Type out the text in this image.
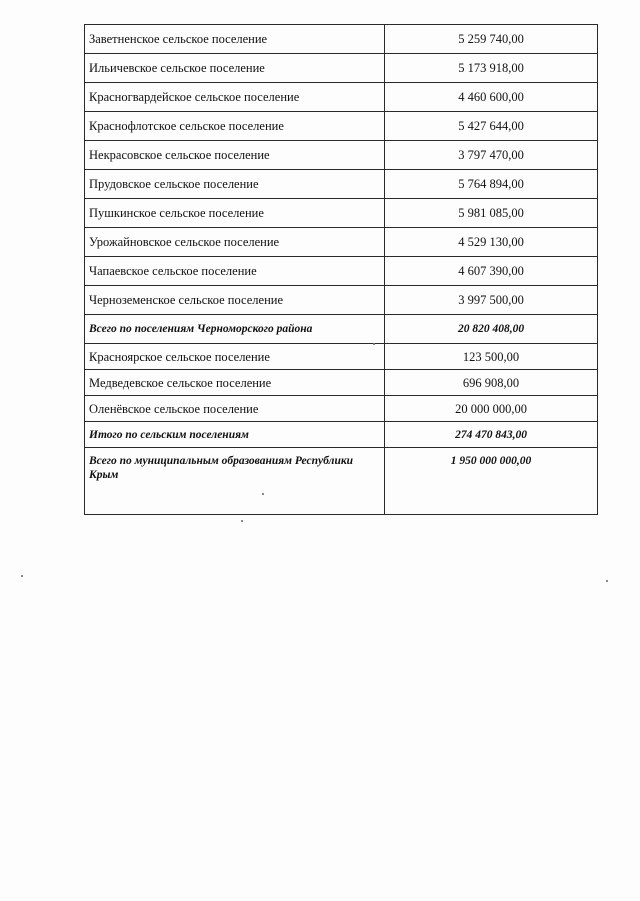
Заветненское сельское поселение	5 259 740,00
Ильичевское сельское поселение	5 173 918,00
Красногвардейское сельское поселение	4 460 600,00
Краснофлотское сельское поселение	5 427 644,00
Некрасовское сельское поселение	3 797 470,00
Прудовское сельское поселение	5 764 894,00
Пушкинское сельское поселение	5 981 085,00
Урожайновское сельское поселение	4 529 130,00
Чапаевское сельское поселение	4 607 390,00
Черноземенское сельское поселение	3 997 500,00
Всего по поселениям Черноморского района	20 820 408,00
Красноярское сельское поселение	123 500,00
Медведевское сельское поселение	696 908,00
Оленёвское сельское поселение	20 000 000,00
Итого по сельским поселениям	274 470 843,00
Всего по муниципальным образованиям Республики Крым	1 950 000 000,00
